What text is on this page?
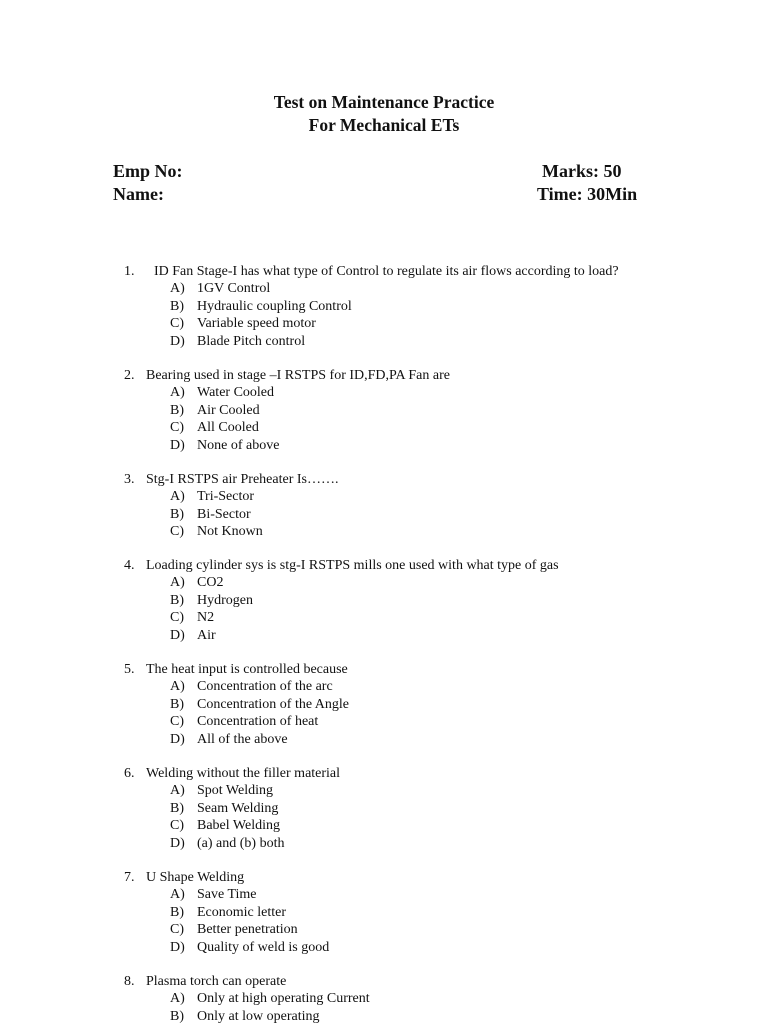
Test on Maintenance Practice
For Mechanical ETs
Emp No:
Name:
Marks: 50
Time: 30Min
1. ID Fan Stage-I has what type of Control to regulate its air flows according to load?
A) 1GV Control
B) Hydraulic coupling Control
C) Variable speed motor
D) Blade Pitch control
2. Bearing used in stage –I RSTPS for ID,FD,PA Fan are
A) Water Cooled
B) Air Cooled
C) All Cooled
D) None of above
3. Stg-I RSTPS air Preheater Is…….
A) Tri-Sector
B) Bi-Sector
C) Not Known
4. Loading cylinder sys is stg-I RSTPS mills one used with what type of gas
A) CO2
B) Hydrogen
C) N2
D) Air
5. The heat input is controlled because
A) Concentration of the arc
B) Concentration of the Angle
C) Concentration of heat
D) All of the above
6. Welding without the filler material
A) Spot Welding
B) Seam Welding
C) Babel Welding
D) (a) and (b) both
7. U Shape Welding
A) Save Time
B) Economic letter
C) Better penetration
D) Quality of weld is good
8. Plasma torch can operate
A) Only at high operating Current
B) Only at low operating
